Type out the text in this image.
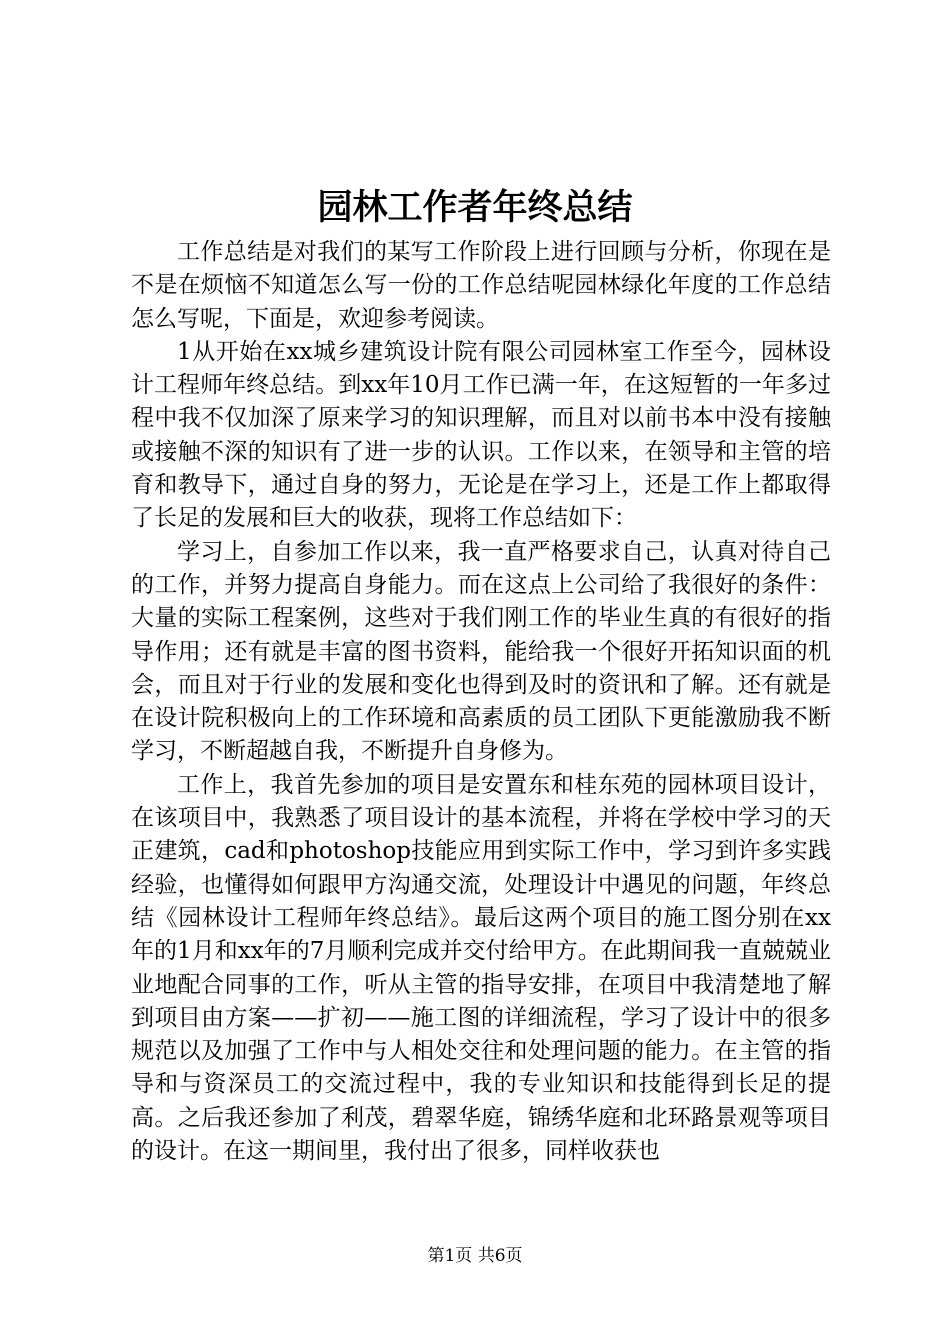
园林工作者年终总结

工作总结是对我们的某写工作阶段上进行回顾与分析，你现在是不是在烦恼不知道怎么写一份的工作总结呢园林绿化年度的工作总结怎么写呢，下面是，欢迎参考阅读。

1从开始在xx城乡建筑设计院有限公司园林室工作至今，园林设计工程师年终总结。到xx年10月工作已满一年，在这短暂的一年多过程中我不仅加深了原来学习的知识理解，而且对以前书本中没有接触或接触不深的知识有了进一步的认识。工作以来，在领导和主管的培育和教导下，通过自身的努力，无论是在学习上，还是工作上都取得了长足的发展和巨大的收获，现将工作总结如下：

学习上，自参加工作以来，我一直严格要求自己，认真对待自己的工作，并努力提高自身能力。而在这点上公司给了我很好的条件：大量的实际工程案例，这些对于我们刚工作的毕业生真的有很好的指导作用；还有就是丰富的图书资料，能给我一个很好开拓知识面的机会，而且对于行业的发展和变化也得到及时的资讯和了解。还有就是在设计院积极向上的工作环境和高素质的员工团队下更能激励我不断学习，不断超越自我，不断提升自身修为。

工作上，我首先参加的项目是安置东和桂东苑的园林项目设计，在该项目中，我熟悉了项目设计的基本流程，并将在学校中学习的天正建筑，cad和photoshop技能应用到实际工作中，学习到许多实践经验，也懂得如何跟甲方沟通交流，处理设计中遇见的问题，年终总结《园林设计工程师年终总结》。最后这两个项目的施工图分别在xx年的1月和xx年的7月顺利完成并交付给甲方。在此期间我一直兢兢业业地配合同事的工作，听从主管的指导安排，在项目中我清楚地了解到项目由方案——扩初——施工图的详细流程，学习了设计中的很多规范以及加强了工作中与人相处交往和处理问题的能力。在主管的指导和与资深员工的交流过程中，我的专业知识和技能得到长足的提高。之后我还参加了利茂，碧翠华庭，锦绣华庭和北环路景观等项目的设计。在这一期间里，我付出了很多，同样收获也

第1页 共6页
